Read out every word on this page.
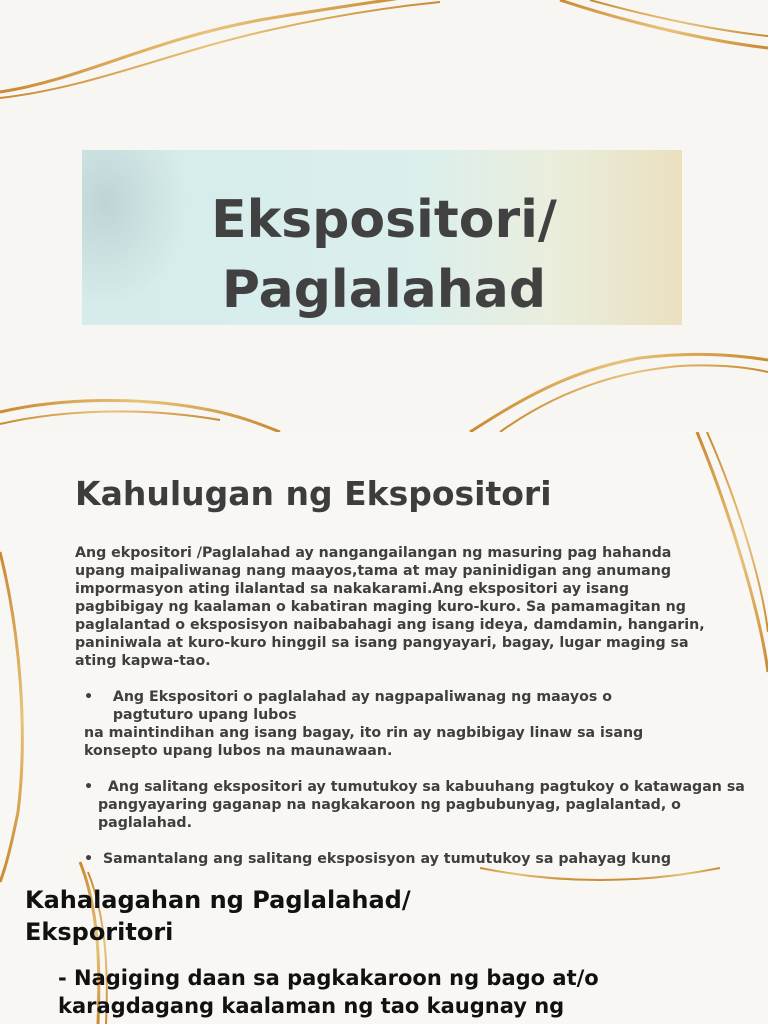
Ekspositori/
Paglalahad
Kahulugan ng Ekspositori

Ang ekpositori /Paglalahad ay nangangailangan ng masuring pag hahanda upang maipaliwanag nang maayos,tama at may paninidigan ang anumang impormasyon ating ilalantad sa nakakarami.Ang ekspositori ay isang pagbibigay ng kaalaman o kabatiran maging kuro-kuro. Sa pamamagitan ng paglalantad o eksposisyon naibabahagi ang isang ideya, damdamin, hangarin, paniniwala at kuro-kuro hinggil sa isang pangyayari, bagay, lugar maging sa ating kapwa-tao.

• Ang Ekspositori o paglalahad ay nagpapaliwanag ng maayos o pagtuturo upang lubos
na maintindihan ang isang bagay, ito rin ay nagbibigay linaw sa isang konsepto upang lubos na maunawaan.

• Ang salitang ekspositori ay tumutukoy sa kabuuhang pagtukoy o katawagan sa pangyayaring gaganap na nagkakaroon ng pagbubunyag, paglalantad, o paglalahad.

• Samantalang ang salitang eksposisyon ay tumutukoy sa pahayag kung

Kahalagahan ng Paglalahad/ Eksporitori

- Nagiging daan sa pagkakaroon ng bago at/o karagdagang kaalaman ng tao kaugnay ng
